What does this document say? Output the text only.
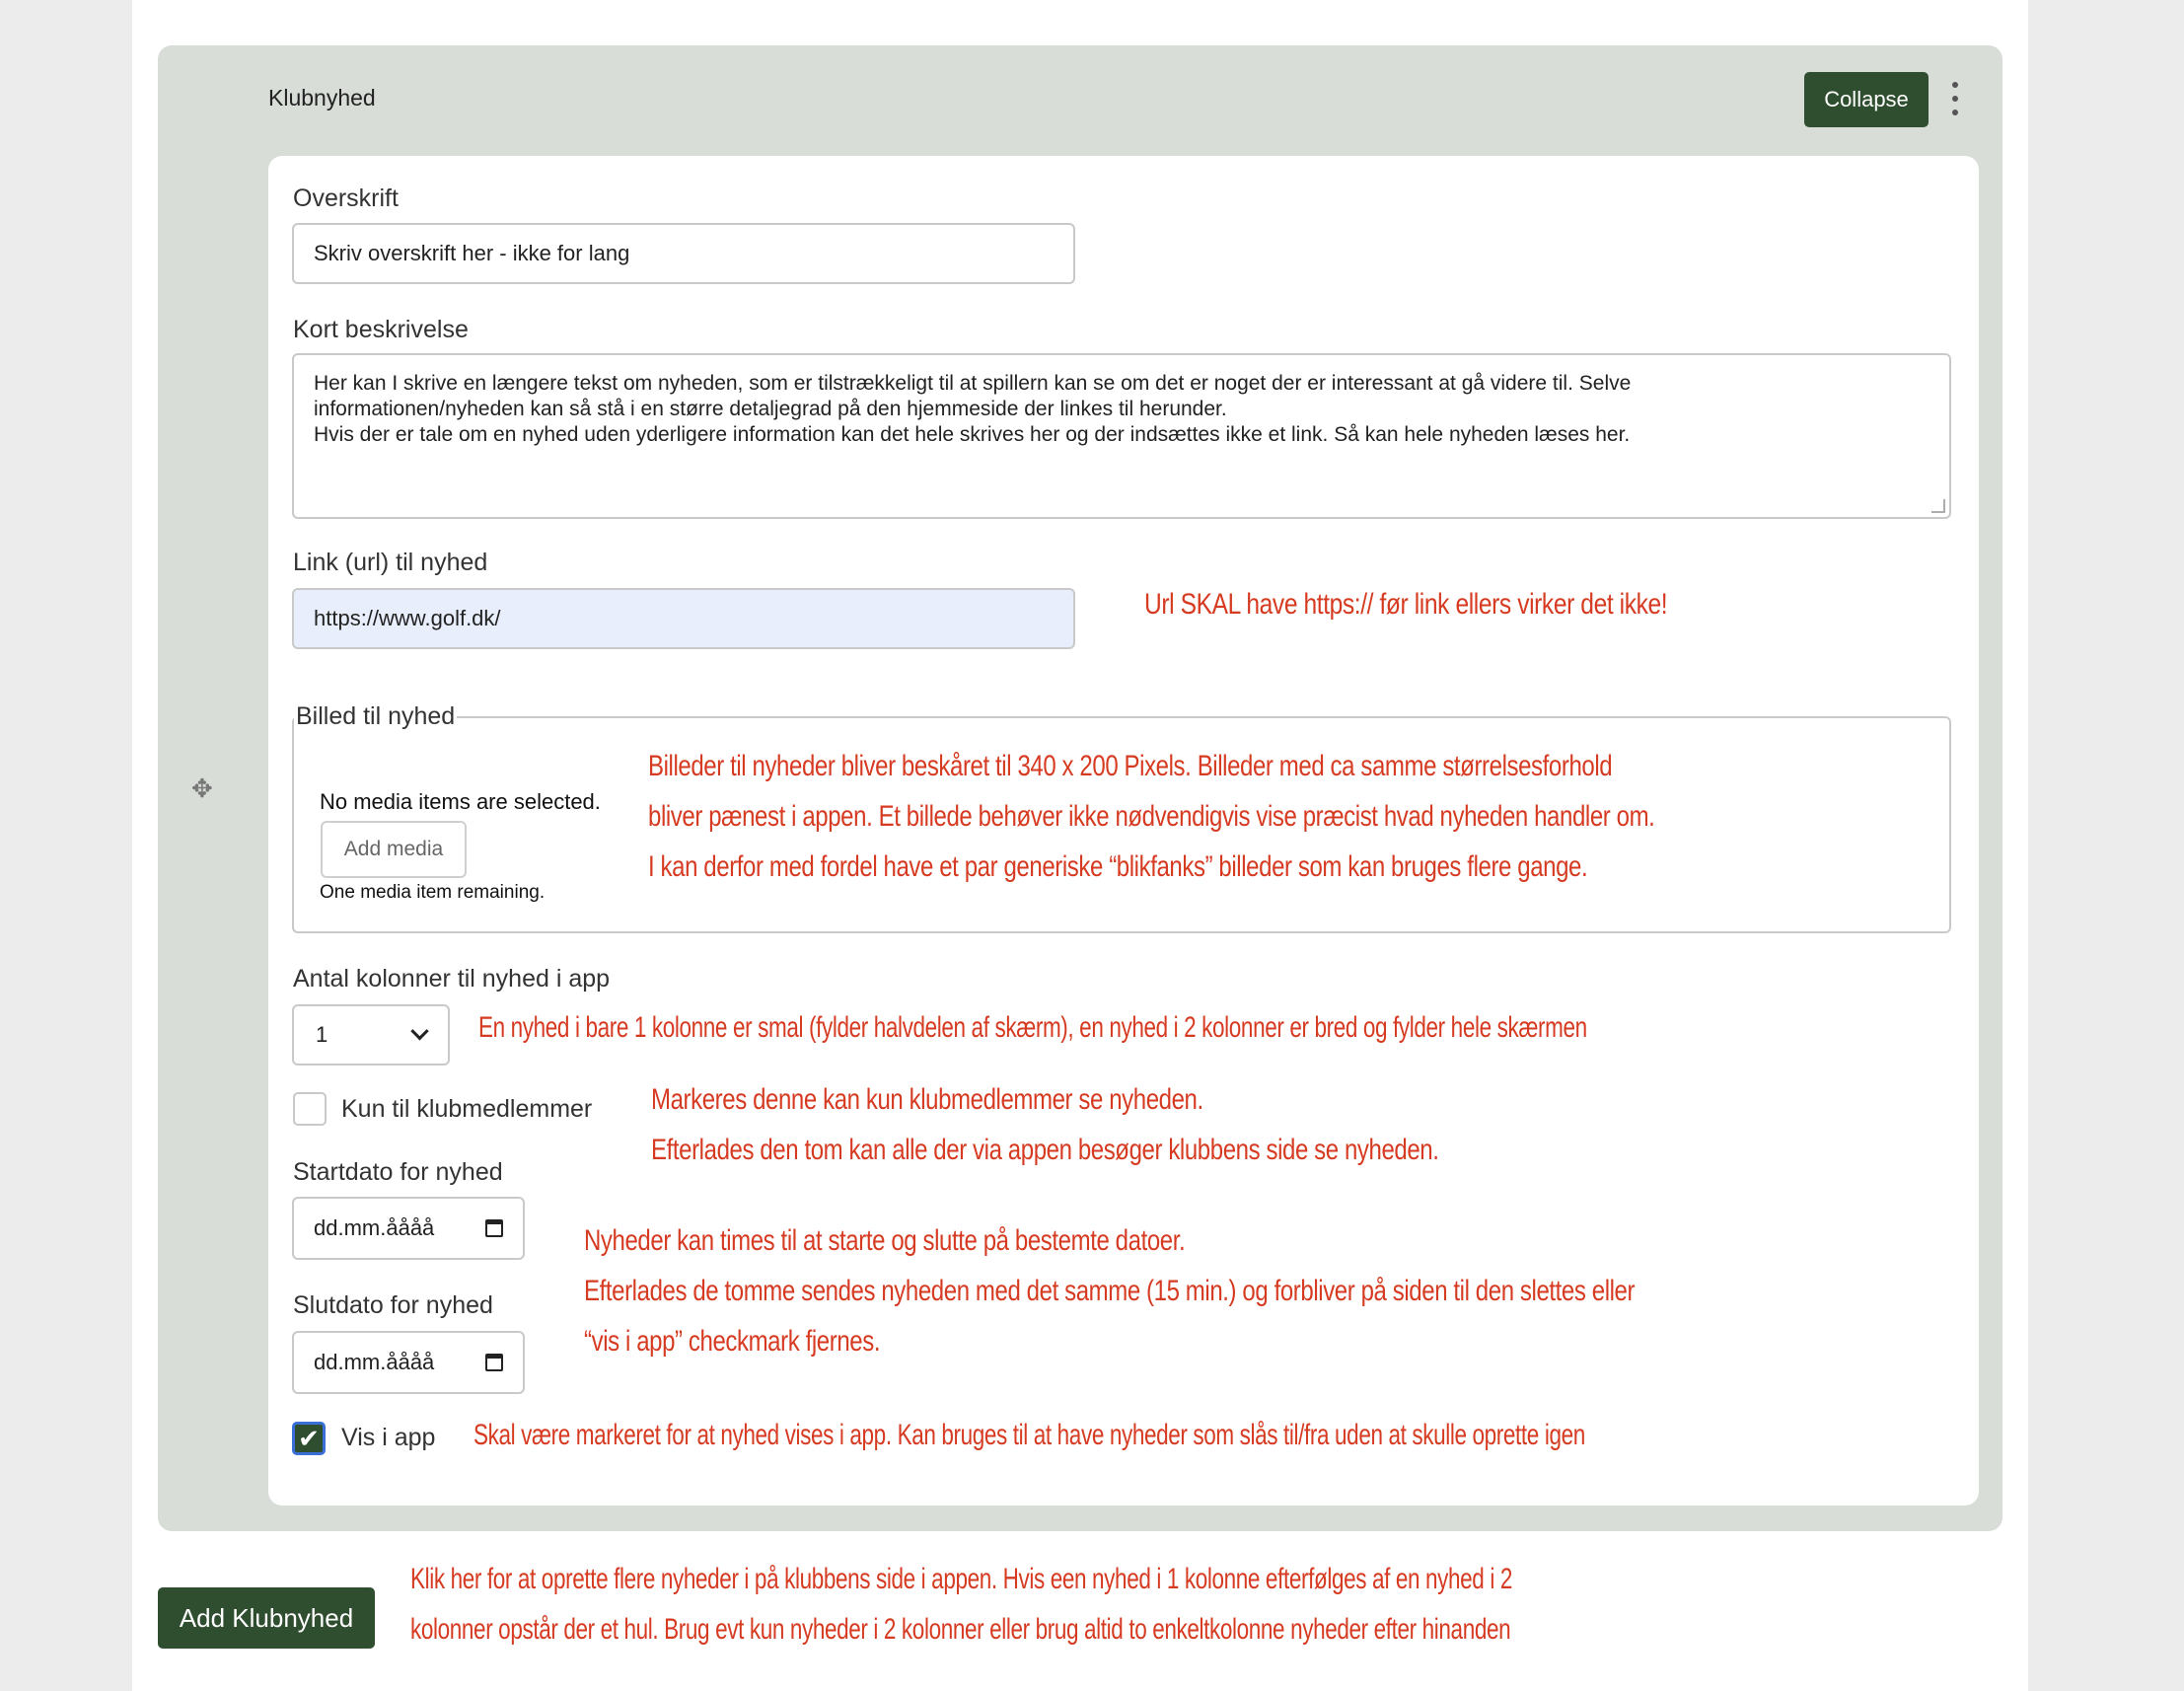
Klubnyhed	Collapse
✥
Overskrift
Skriv overskrift her - ikke for lang
Kort beskrivelse
Her kan I skrive en længere tekst om nyheden, som er tilstrækkeligt til at spillern kan se om det er noget der er interessant at gå videre til. Selve
informationen/nyheden kan så stå i en større detaljegrad på den hjemmeside der linkes til herunder.
Hvis der er tale om en nyhed uden yderligere information kan det hele skrives her og der indsættes ikke et link. Så kan hele nyheden læses her.
Link (url) til nyhed
https://www.golf.dk/	Url SKAL have https:// før link ellers virker det ikke!
Billed til nyhed
No media items are selected.
Add media
One media item remaining.
Billeder til nyheder bliver beskåret til 340 x 200 Pixels. Billeder med ca samme størrelsesforhold
bliver pænest i appen. Et billede behøver ikke nødvendigvis vise præcist hvad nyheden handler om.
I kan derfor med fordel have et par generiske “blikfanks” billeder som kan bruges flere gange.
Antal kolonner til nyhed i app
1	En nyhed i bare 1 kolonne er smal (fylder halvdelen af skærm), en nyhed i 2 kolonner er bred og fylder hele skærmen
Kun til klubmedlemmer Markeres denne kan kun klubmedlemmer se nyheden.
Efterlades den tom kan alle der via appen besøger klubbens side se nyheden.
Startdato for nyhed
dd.mm.åååå
Slutdato for nyhed
dd.mm.åååå
Nyheder kan times til at starte og slutte på bestemte datoer.
Efterlades de tomme sendes nyheden med det samme (15 min.) og forbliver på siden til den slettes eller
“vis i app” checkmark fjernes.
✔ Vis i app Skal være markeret for at nyhed vises i app. Kan bruges til at have nyheder som slås til/fra uden at skulle oprette igen
Add Klubnyhed
Klik her for at oprette flere nyheder i på klubbens side i appen. Hvis een nyhed i 1 kolonne efterfølges af en nyhed i 2
kolonner opstår der et hul. Brug evt kun nyheder i 2 kolonner eller brug altid to enkeltkolonne nyheder efter hinanden
